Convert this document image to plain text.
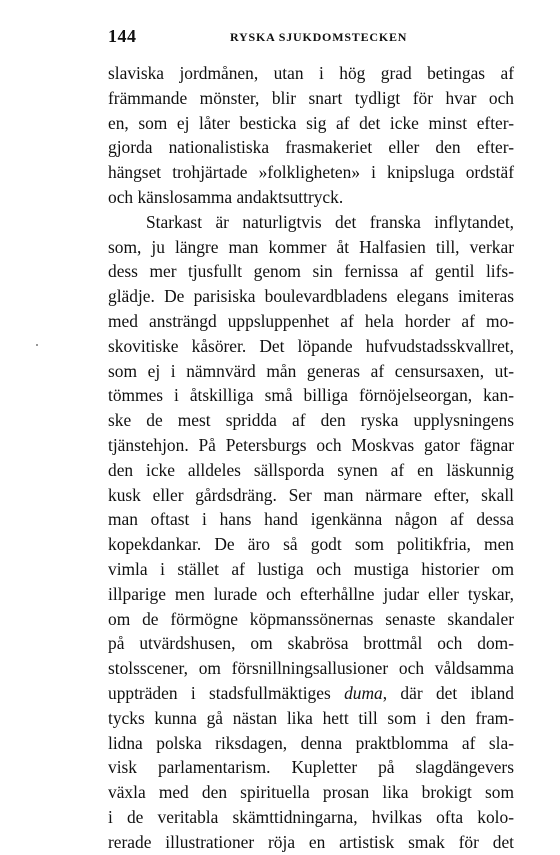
144	RYSKA SJUKDOMSTECKEN
slaviska jordmånen, utan i hög grad betingas af
främmande mönster, blir snart tydligt för hvar och
en, som ej låter besticka sig af det icke minst efter-
gjorda nationalistiska frasmakeriet eller den efter-
hängset trohjärtade »folkligheten» i knipsluga ordstäf
och känslosamma andaktsuttryck.
Starkast är naturligtvis det franska inflytandet,
som, ju längre man kommer åt Halfasien till, verkar
dess mer tjusfullt genom sin fernissa af gentil lifs-
glädje. De parisiska boulevardbladens elegans imiteras
med ansträngd uppsluppenhet af hela horder af mo-
skovitiske kåsörer. Det löpande hufvudstadsskvallret,
som ej i nämnvärd mån generas af censursaxen, ut-
tömmes i åtskilliga små billiga förnöjelseorgan, kan-
ske de mest spridda af den ryska upplysningens
tjänstehjon. På Petersburgs och Moskvas gator fägnar
den icke alldeles sällsporda synen af en läskunnig
kusk eller gårdsdräng. Ser man närmare efter, skall
man oftast i hans hand igenkänna någon af dessa
kopekdankar. De äro så godt som politikfria, men
vimla i stället af lustiga och mustiga historier om
illparige men lurade och efterhållne judar eller tyskar,
om de förmögne köpmanssönernas senaste skandaler
på utvärdshusen, om skabrösa brottmål och dom-
stolsscener, om försnillningsallusioner och våldsamma
uppträden i stadsfullmäktiges duma, där det ibland
tycks kunna gå nästan lika hett till som i den fram-
lidna polska riksdagen, denna praktblomma af sla-
visk parlamentarism. Kupletter på slagdängevers
växla med den spirituella prosan lika brokigt som
i de veritabla skämttidningarna, hvilkas ofta kolo-
rerade illustrationer röja en artistisk smak för det
